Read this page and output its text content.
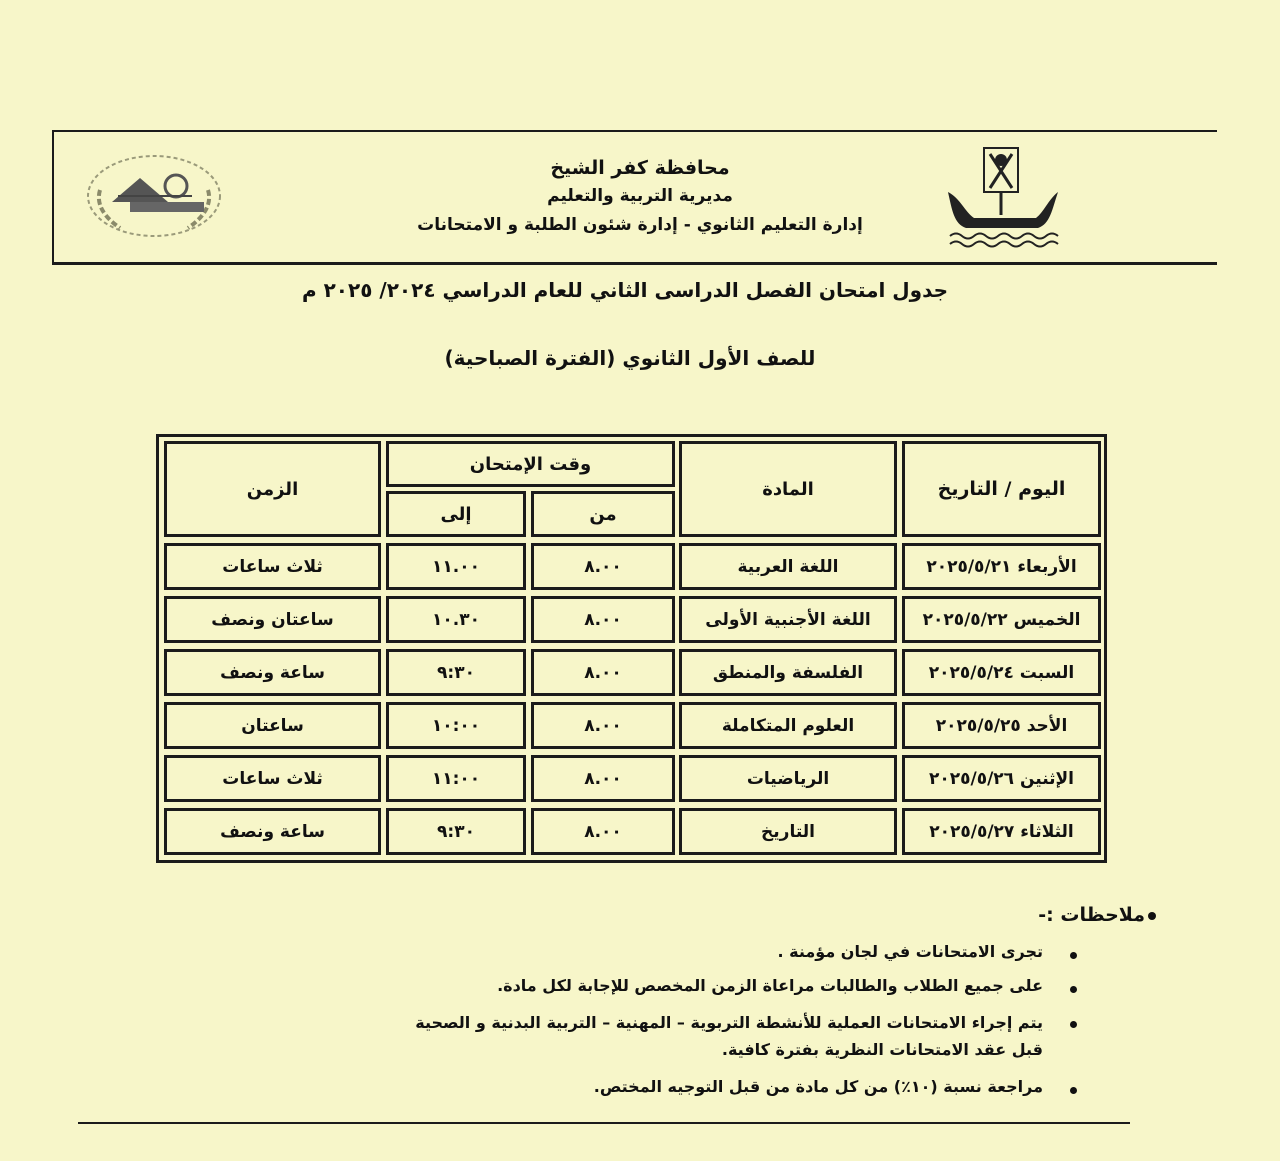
محافظة كفر الشيخ
مديرية التربية والتعليم
إدارة التعليم الثانوي - إدارة شئون الطلبة و الامتحانات
جدول امتحان الفصل الدراسى الثاني للعام الدراسي ٢٠٢٤/ ٢٠٢٥ م
للصف الأول الثانوي (الفترة الصباحية)
اليوم / التاريخ
المادة
وقت الإمتحان
من
إلى
الزمن
الأربعاء ٢٠٢٥/٥/٢١
اللغة العربية
٨.٠٠
١١.٠٠
ثلاث ساعات
الخميس ٢٠٢٥/٥/٢٢
اللغة الأجنبية الأولى
٨.٠٠
١٠.٣٠
ساعتان ونصف
السبت ٢٠٢٥/٥/٢٤
الفلسفة والمنطق
٨.٠٠
٩:٣٠
ساعة ونصف
الأحد ٢٠٢٥/٥/٢٥
العلوم المتكاملة
٨.٠٠
١٠:٠٠
ساعتان
الإثنين ٢٠٢٥/٥/٢٦
الرياضيات
٨.٠٠
١١:٠٠
ثلاث ساعات
الثلاثاء ٢٠٢٥/٥/٢٧
التاريخ
٨.٠٠
٩:٣٠
ساعة ونصف
ملاحظات :-
تجرى الامتحانات في لجان مؤمنة .
على جميع الطلاب والطالبات مراعاة الزمن المخصص للإجابة لكل مادة.
يتم إجراء الامتحانات العملية للأنشطة التربوية – المهنية – التربية البدنية و الصحية
قبل عقد الامتحانات النظرية بفترة كافية.
مراجعة نسبة (١٠٪) من كل مادة من قبل التوجيه المختص.
